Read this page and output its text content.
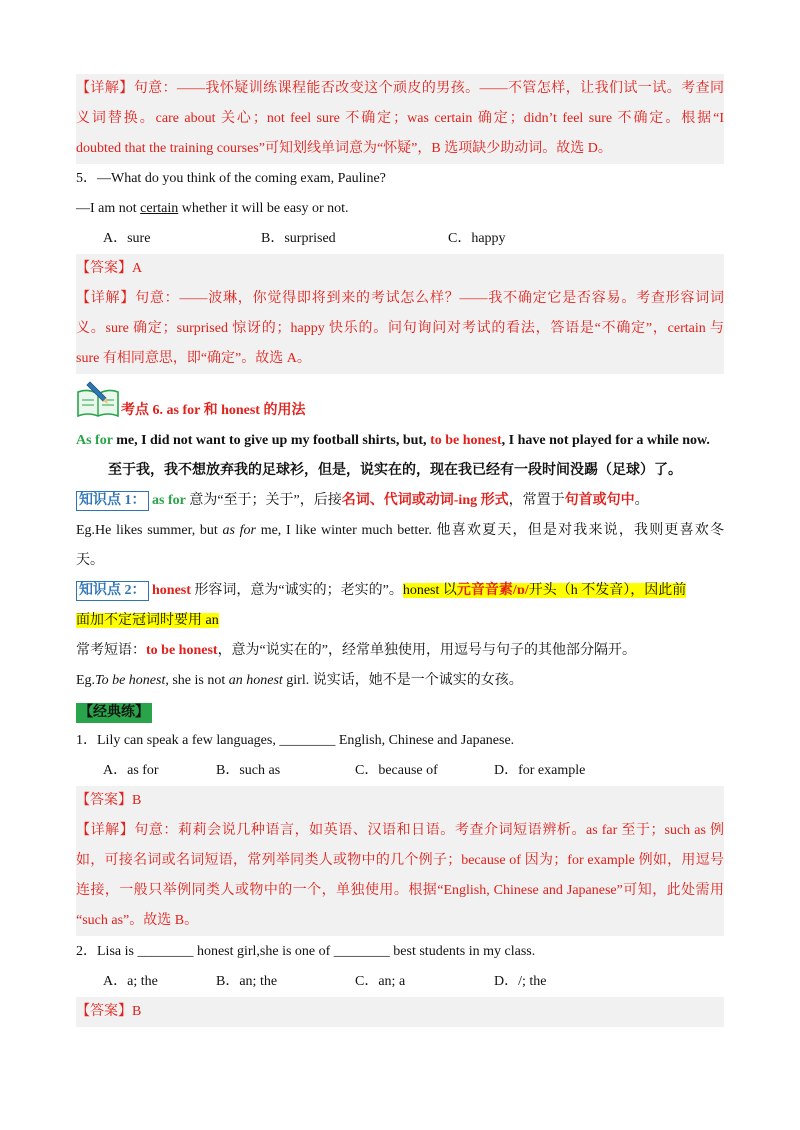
【详解】句意：——我怀疑训练课程能否改变这个顽皮的男孩。——不管怎样，让我们试一试。考查同
义词替换。care about 关心；not feel sure 不确定；was certain 确定；didn’t feel sure 不确定。根据“I
doubted that the training courses”可知划线单词意为“怀疑”，B 选项缺少助动词。故选 D。
5．—What do you think of the coming exam, Pauline?
—I am not certain whether it will be easy or not.
A．sure	B．surprised	C．happy
【答案】A
【详解】句意：——波琳，你觉得即将到来的考试怎么样？——我不确定它是否容易。考查形容词词
义。sure 确定；surprised 惊讶的；happy 快乐的。问句询问对考试的看法，答语是“不确定”，certain 与
sure 有相同意思，即“确定”。故选 A。
考点 6. as for 和 honest 的用法
As for me, I did not want to give up my football shirts, but, to be honest, I have not played for a while now.
至于我，我不想放弃我的足球衫，但是，说实在的，现在我已经有一段时间没踢（足球）了。
知识点 1： as for 意为“至于；关于”，后接名词、代词或动词-ing 形式，常置于句首或句中。
Eg.He likes summer, but as for me, I like winter much better. 他喜欢夏天，但是对我来说，我则更喜欢冬
天。
知识点 2： honest 形容词，意为“诚实的；老实的”。honest 以元音音素/ɒ/开头（h 不发音），因此前
面加不定冠词时要用 an
常考短语：to be honest，意为“说实在的”，经常单独使用，用逗号与句子的其他部分隔开。
Eg.To be honest, she is not an honest girl. 说实话，她不是一个诚实的女孩。
【经典练】
1．Lily can speak a few languages, ________ English, Chinese and Japanese.
A．as for	B．such as	C．because of	D．for example
【答案】B
【详解】句意：莉莉会说几种语言，如英语、汉语和日语。考查介词短语辨析。as far 至于；such as 例
如，可接名词或名词短语，常列举同类人或物中的几个例子；because of 因为；for example 例如，用逗号
连接，一般只举例同类人或物中的一个，单独使用。根据“English, Chinese and Japanese”可知，此处需用
“such as”。故选 B。
2．Lisa is ________ honest girl,she is one of ________ best students in my class.
A．a; the	B．an; the	C．an; a	D．/; the
【答案】B
